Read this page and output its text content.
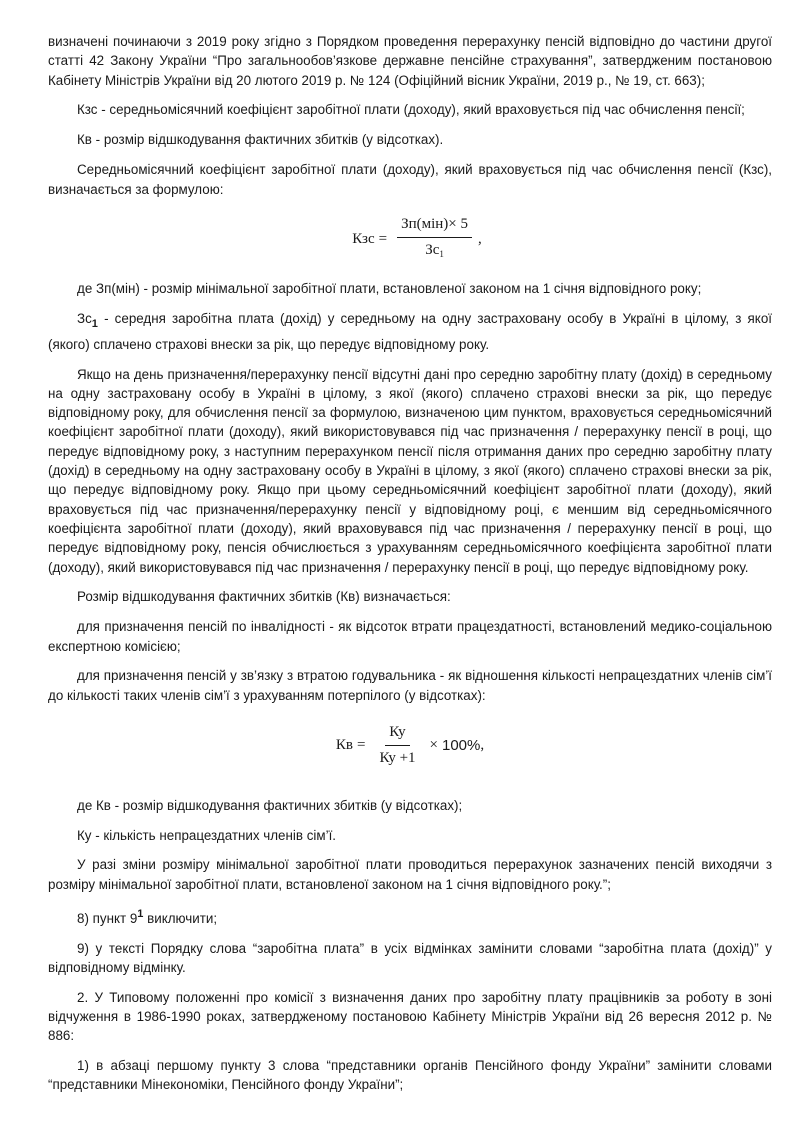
визначені починаючи з 2019 року згідно з Порядком проведення перерахунку пенсій відповідно до частини другої статті 42 Закону України “Про загальнообов’язкове державне пенсійне страхування”, затвердженим постановою Кабінету Міністрів України від 20 лютого 2019 р. № 124 (Офіційний вісник України, 2019 р., № 19, ст. 663);

Кзс - середньомісячний коефіцієнт заробітної плати (доходу), який враховується під час обчислення пенсії;

Кв - розмір відшкодування фактичних збитків (у відсотках).

Середньомісячний коефіцієнт заробітної плати (доходу), який враховується під час обчислення пенсії (Кзс), визначається за формулою:

Кзс = $\frac{\text{Зп(мін)× 5}}{Зс_1}$ ,

де Зп(мін) - розмір мінімальної заробітної плати, встановленої законом на 1 січня відповідного року;

$Зс_1$ - середня заробітна плата (дохід) у середньому на одну застраховану особу в Україні в цілому, з якої (якого) сплачено страхові внески за рік, що передує відповідному року.

Якщо на день призначення/перерахунку пенсії відсутні дані про середню заробітну плату (дохід) в середньому на одну застраховану особу в Україні в цілому, з якої (якого) сплачено страхові внески за рік, що передує відповідному року, для обчислення пенсії за формулою, визначеною цим пунктом, враховується середньомісячний коефіцієнт заробітної плати (доходу), який використовувався під час призначення / перерахунку пенсії в році, що передує відповідному року, з наступним перерахунком пенсії після отримання даних про середню заробітну плату (дохід) в середньому на одну застраховану особу в Україні в цілому, з якої (якого) сплачено страхові внески за рік, що передує відповідному року. Якщо при цьому середньомісячний коефіцієнт заробітної плати (доходу), який враховується під час призначення/перерахунку пенсії у відповідному році, є меншим від середньомісячного коефіцієнта заробітної плати (доходу), який враховувався під час призначення / перерахунку пенсії в році, що передує відповідному року, пенсія обчислюється з урахуванням середньомісячного коефіцієнта заробітної плати (доходу), який використовувався під час призначення / перерахунку пенсії в році, що передує відповідному року.

Розмір відшкодування фактичних збитків (Кв) визначається:

для призначення пенсій по інвалідності - як відсоток втрати працездатності, встановлений медико-соціальною експертною комісією;

для призначення пенсій у зв’язку з втратою годувальника - як відношення кількості непрацездатних членів сім’ї до кількості таких членів сім’ї з урахуванням потерпілого (у відсотках):

Кв = $\frac{Ку}{Ку +1} \times 100\%$ ,

де Кв - розмір відшкодування фактичних збитків (у відсотках);

Ку - кількість непрацездатних членів сім’ї.

У разі зміни розміру мінімальної заробітної плати проводиться перерахунок зазначених пенсій виходячи з розміру мінімальної заробітної плати, встановленої законом на 1 січня відповідного року.”;

8) пункт $9^1$ виключити;

9) у тексті Порядку слова “заробітна плата” в усіх відмінках замінити словами “заробітна плата (дохід)” у відповідному відмінку.

2. У Типовому положенні про комісії з визначення даних про заробітну плату працівників за роботу в зоні відчуження в 1986-1990 роках, затвердженому постановою Кабінету Міністрів України від 26 вересня 2012 р. № 886:

1) в абзаці першому пункту 3 слова “представники органів Пенсійного фонду України” замінити словами “представники Мінекономіки, Пенсійного фонду України”;
